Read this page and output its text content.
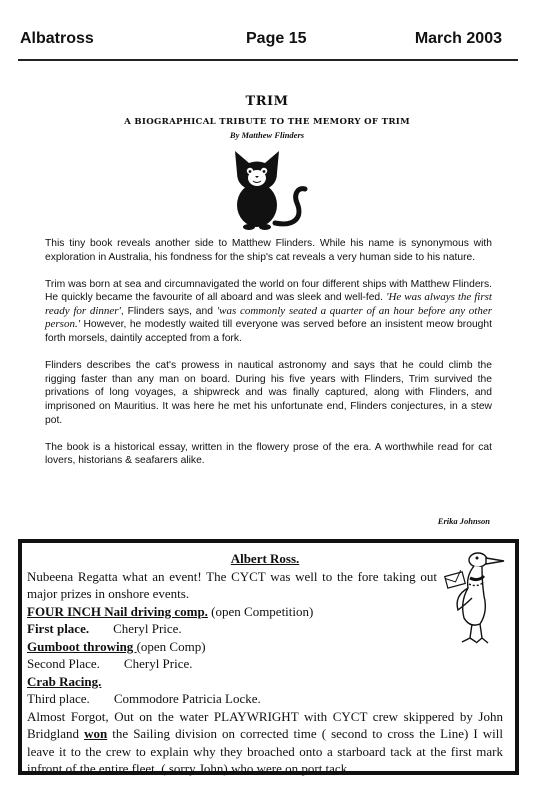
Albatross	Page 15	March 2003
TRIM
A BIOGRAPHICAL TRIBUTE TO THE MEMORY OF TRIM
By Matthew Flinders

This tiny book reveals another side to Matthew Flinders. While his name is synonymous with exploration in Australia, his fondness for the ship's cat reveals a very human side to his nature.

Trim was born at sea and circumnavigated the world on four different ships with Matthew Flinders. He quickly became the favourite of all aboard and was sleek and well-fed. 'He was always the first ready for dinner', Flinders says, and 'was commonly seated a quarter of an hour before any other person.' However, he modestly waited till everyone was served before an insistent meow brought forth morsels, daintily accepted from a fork.

Flinders describes the cat's prowess in nautical astronomy and says that he could climb the rigging faster than any man on board. During his five years with Flinders, Trim survived the privations of long voyages, a shipwreck and was finally captured, along with Flinders, and imprisoned on Mauritius. It was here he met his unfortunate end, Flinders conjectures, in a stew pot.

The book is a historical essay, written in the flowery prose of the era. A worthwhile read for cat lovers, historians & seafarers alike.

Erika Johnson
Albert Ross.
Nubeena Regatta what an event! The CYCT was well to the fore taking out major prizes in onshore events.
FOUR INCH Nail driving comp. (open Competition)
First place. Cheryl Price.
Gumboot throwing (open Comp)
Second Place. Cheryl Price.
Crab Racing.
Third place. Commodore Patricia Locke.
Almost Forgot, Out on the water PLAYWRIGHT with CYCT crew skippered by John Bridgland won the Sailing division on corrected time ( second to cross the Line) I will leave it to the crew to explain why they broached onto a starboard tack at the first mark infront of the entire fleet. ( sorry John) who were on port tack.
